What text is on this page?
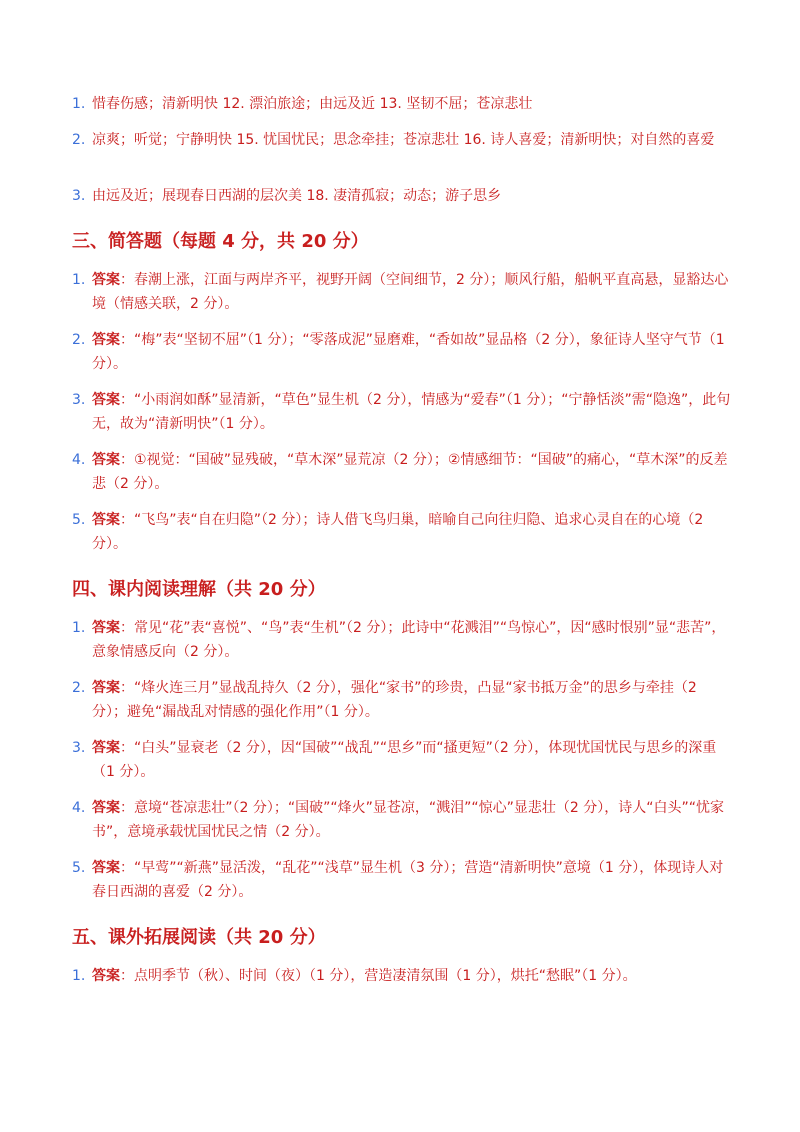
1. 惜春伤感；清新明快 12. 漂泊旅途；由远及近 13. 坚韧不屈；苍凉悲壮
2. 凉爽；听觉；宁静明快 15. 忧国忧民；思念牵挂；苍凉悲壮 16. 诗人喜爱；清新明快；对自然的喜爱
3. 由远及近；展现春日西湖的层次美 18. 凄清孤寂；动态；游子思乡
三、简答题（每题 4 分，共 20 分）
1. 答案：春潮上涨，江面与两岸齐平，视野开阔（空间细节，2 分）；顺风行船，船帆平直高悬，显豁达心境（情感关联，2 分）。
2. 答案：“梅”表“坚韧不屈”（1 分）；“零落成泥”显磨难，“香如故”显品格（2 分），象征诗人坚守气节（1 分）。
3. 答案：“小雨润如酥”显清新，“草色”显生机（2 分），情感为“爱春”（1 分）；“宁静恬淡”需“隐逸”，此句无，故为“清新明快”（1 分）。
4. 答案：①视觉：“国破”显残破，“草木深”显荒凉（2 分）；②情感细节：“国破”的痛心，“草木深”的反差悲（2 分）。
5. 答案：“飞鸟”表“自在归隐”（2 分）；诗人借飞鸟归巢，暗喻自己向往归隐、追求心灵自在的心境（2 分）。
四、课内阅读理解（共 20 分）
1. 答案：常见“花”表“喜悦”、“鸟”表“生机”（2 分）；此诗中“花溅泪”“鸟惊心”，因“感时恨别”显“悲苦”，意象情感反向（2 分）。
2. 答案：“烽火连三月”显战乱持久（2 分），强化“家书”的珍贵，凸显“家书抵万金”的思乡与牵挂（2 分）；避免“漏战乱对情感的强化作用”（1 分）。
3. 答案：“白头”显衰老（2 分），因“国破”“战乱”“思乡”而“搔更短”（2 分），体现忧国忧民与思乡的深重（1 分）。
4. 答案：意境“苍凉悲壮”（2 分）；“国破”“烽火”显苍凉，“溅泪”“惊心”显悲壮（2 分），诗人“白头”“忧家书”，意境承载忧国忧民之情（2 分）。
5. 答案：“早莺”“新燕”显活泼，“乱花”“浅草”显生机（3 分）；营造“清新明快”意境（1 分），体现诗人对春日西湖的喜爱（2 分）。
五、课外拓展阅读（共 20 分）
1. 答案：点明季节（秋）、时间（夜）（1 分），营造凄清氛围（1 分），烘托“愁眠”（1 分）。
